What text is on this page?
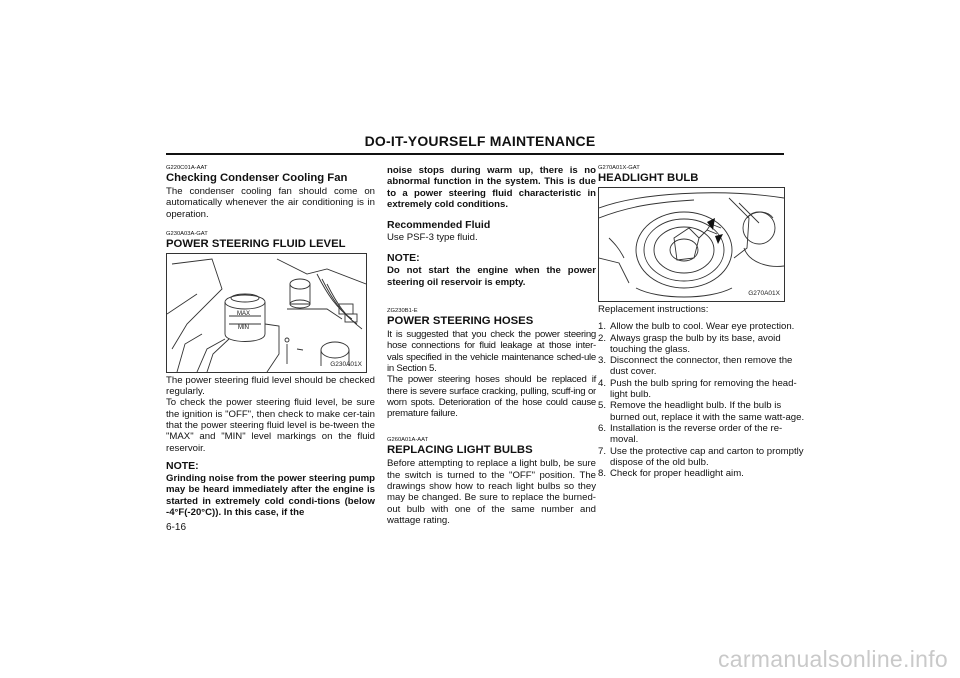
DO-IT-YOURSELF MAINTENANCE
G220C01A-AAT
Checking Condenser Cooling Fan

The condenser cooling fan should come on automatically whenever the air conditioning is in operation.

G230A03A-GAT
POWER STEERING FLUID LEVEL
MAX
MIN
G230A01X

The power steering fluid level should be checked regularly.

To check the power steering fluid level, be sure the ignition is "OFF", then check to make cer-tain that the power steering fluid level is be-tween the "MAX" and "MIN" level markings on the fluid reservoir.

NOTE:

Grinding noise from the power steering pump may be heard immediately after the engine is started in extremely cold condi-tions (below -4°F(-20°C)). In this case, if the

noise stops during warm up, there is no abnormal function in the system. This is due to a power steering fluid characteristic in extremely cold conditions.

Recommended Fluid

Use PSF-3 type fluid.

NOTE:

Do not start the engine when the power steering oil reservoir is empty.

ZG230B1-E
POWER STEERING HOSES

It is suggested that you check the power steering hose connections for fluid leakage at those inter-vals specified in the vehicle maintenance sched-ule in Section 5.

The power steering hoses should be replaced if there is severe surface cracking, pulling, scuff-ing or worn spots. Deterioration of the hose could cause premature failure.

G260A01A-AAT
REPLACING LIGHT BULBS

Before attempting to replace a light bulb, be sure the switch is turned to the "OFF" position. The drawings show how to reach light bulbs so they may be changed. Be sure to replace the burned-out bulb with one of the same number and wattage rating.

G270A01X-GAT
HEADLIGHT BULB
G270A01X

Replacement instructions:

1. Allow the bulb to cool. Wear eye protection.
2. Always grasp the bulb by its base, avoid touching the glass.
3. Disconnect the connector, then remove the dust cover.
4. Push the bulb spring for removing the head-light bulb.
5. Remove the headlight bulb. If the bulb is burned out, replace it with the same watt-age.
6. Installation is the reverse order of the re-moval.
7. Use the protective cap and carton to promptly dispose of the old bulb.
8. Check for proper headlight aim.
6-16
carmanualsonline.info
